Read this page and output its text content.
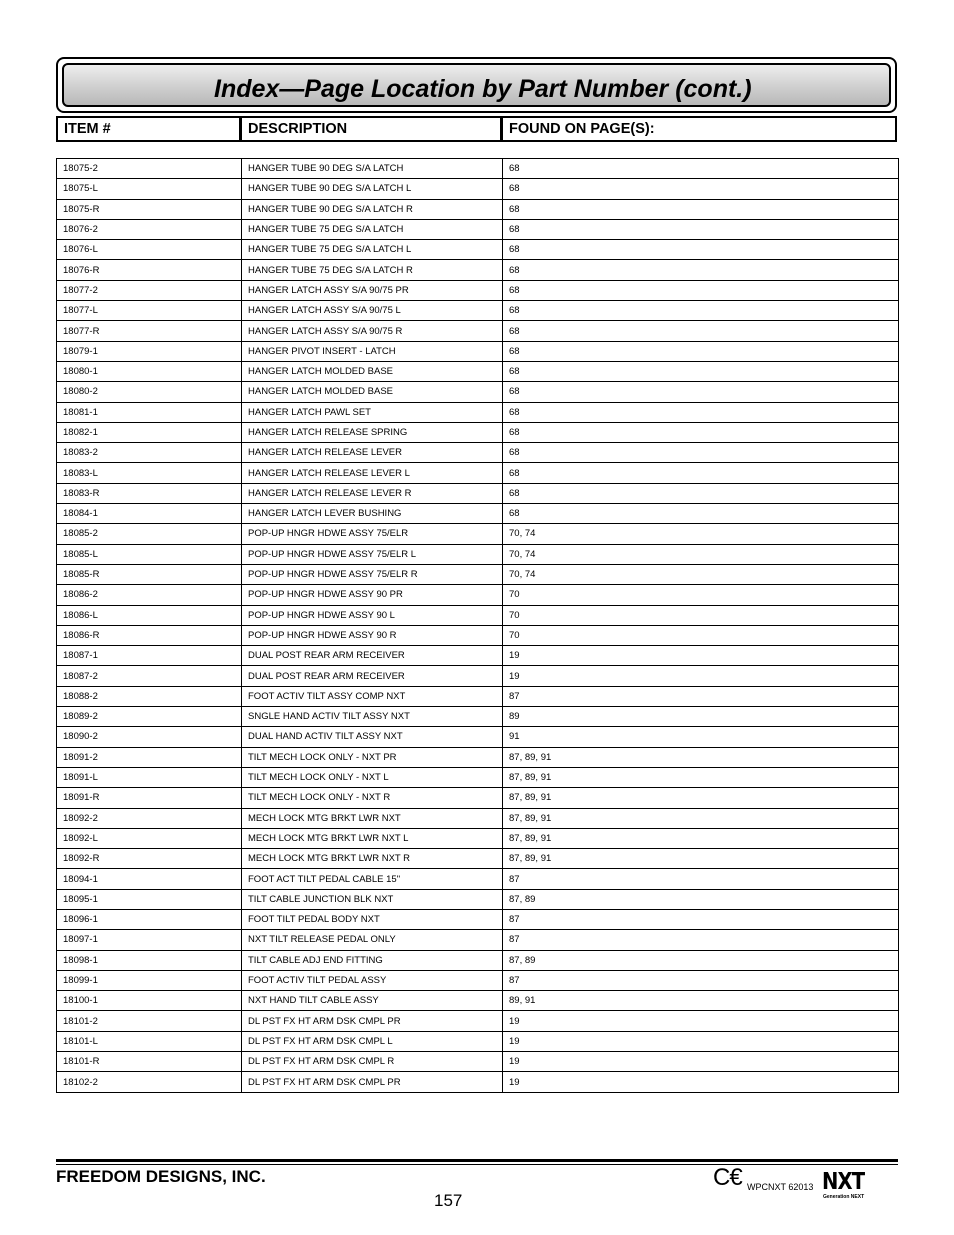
Index—Page Location by Part Number (cont.)
ITEM #	DESCRIPTION	FOUND ON PAGE(S):
18075-2	HANGER TUBE 90 DEG S/A LATCH	68
18075-L	HANGER TUBE 90 DEG S/A LATCH L	68
18075-R	HANGER TUBE 90 DEG S/A LATCH R	68
18076-2	HANGER TUBE 75 DEG S/A LATCH	68
18076-L	HANGER TUBE 75 DEG S/A LATCH L	68
18076-R	HANGER TUBE 75 DEG S/A LATCH R	68
18077-2	HANGER LATCH ASSY S/A 90/75 PR	68
18077-L	HANGER LATCH ASSY S/A 90/75 L	68
18077-R	HANGER LATCH ASSY S/A 90/75 R	68
18079-1	HANGER PIVOT INSERT - LATCH	68
18080-1	HANGER LATCH MOLDED BASE	68
18080-2	HANGER LATCH MOLDED BASE	68
18081-1	HANGER LATCH PAWL SET	68
18082-1	HANGER LATCH RELEASE SPRING	68
18083-2	HANGER LATCH RELEASE LEVER	68
18083-L	HANGER LATCH RELEASE LEVER L	68
18083-R	HANGER LATCH RELEASE LEVER R	68
18084-1	HANGER LATCH LEVER BUSHING	68
18085-2	POP-UP HNGR HDWE ASSY 75/ELR	70, 74
18085-L	POP-UP HNGR HDWE ASSY 75/ELR L	70, 74
18085-R	POP-UP HNGR HDWE ASSY 75/ELR R	70, 74
18086-2	POP-UP HNGR HDWE ASSY 90 PR	70
18086-L	POP-UP HNGR HDWE ASSY 90 L	70
18086-R	POP-UP HNGR HDWE ASSY 90 R	70
18087-1	DUAL POST REAR ARM RECEIVER	19
18087-2	DUAL POST REAR ARM RECEIVER	19
18088-2	FOOT ACTIV TILT ASSY COMP NXT	87
18089-2	SNGLE HAND ACTIV TILT ASSY NXT	89
18090-2	DUAL HAND ACTIV TILT ASSY NXT	91
18091-2	TILT MECH LOCK ONLY - NXT PR	87, 89, 91
18091-L	TILT MECH LOCK ONLY - NXT L	87, 89, 91
18091-R	TILT MECH LOCK ONLY - NXT R	87, 89, 91
18092-2	MECH LOCK MTG BRKT LWR NXT	87, 89, 91
18092-L	MECH LOCK MTG BRKT LWR NXT L	87, 89, 91
18092-R	MECH LOCK MTG BRKT LWR NXT R	87, 89, 91
18094-1	FOOT ACT TILT PEDAL CABLE 15"	87
18095-1	TILT CABLE JUNCTION BLK NXT	87, 89
18096-1	FOOT TILT PEDAL BODY NXT	87
18097-1	NXT TILT RELEASE PEDAL ONLY	87
18098-1	TILT CABLE ADJ END FITTING	87, 89
18099-1	FOOT ACTIV TILT PEDAL ASSY	87
18100-1	NXT HAND TILT CABLE ASSY	89, 91
18101-2	DL PST FX HT ARM DSK CMPL PR	19
18101-L	DL PST FX HT ARM DSK CMPL L	19
18101-R	DL PST FX HT ARM DSK CMPL R	19
18102-2	DL PST FX HT ARM DSK CMPL PR	19
FREEDOM DESIGNS, INC.
157
C€ WPCNXT 62013 NXT
Generation NEXT
